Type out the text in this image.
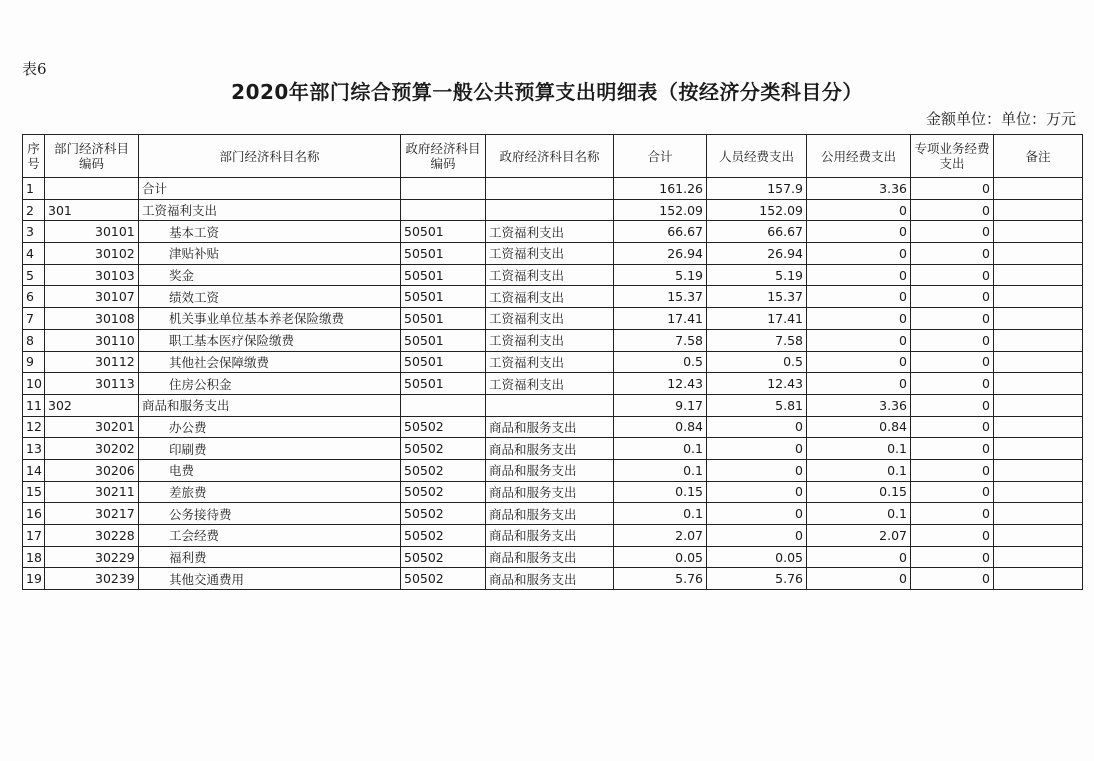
表6
2020年部门综合预算一般公共预算支出明细表（按经济分类科目分）
金额单位：单位：万元
序号	部门经济科目编码	部门经济科目名称	政府经济科目编码	政府经济科目名称	合计	人员经费支出	公用经费支出	专项业务经费支出	备注
1		合计			161.26	157.9	3.36	0	
2	301	工资福利支出			152.09	152.09	0	0	
3	30101	基本工资	50501	工资福利支出	66.67	66.67	0	0	
4	30102	津贴补贴	50501	工资福利支出	26.94	26.94	0	0	
5	30103	奖金	50501	工资福利支出	5.19	5.19	0	0	
6	30107	绩效工资	50501	工资福利支出	15.37	15.37	0	0	
7	30108	机关事业单位基本养老保险缴费	50501	工资福利支出	17.41	17.41	0	0	
8	30110	职工基本医疗保险缴费	50501	工资福利支出	7.58	7.58	0	0	
9	30112	其他社会保障缴费	50501	工资福利支出	0.5	0.5	0	0	
10	30113	住房公积金	50501	工资福利支出	12.43	12.43	0	0	
11	302	商品和服务支出			9.17	5.81	3.36	0	
12	30201	办公费	50502	商品和服务支出	0.84	0	0.84	0	
13	30202	印刷费	50502	商品和服务支出	0.1	0	0.1	0	
14	30206	电费	50502	商品和服务支出	0.1	0	0.1	0	
15	30211	差旅费	50502	商品和服务支出	0.15	0	0.15	0	
16	30217	公务接待费	50502	商品和服务支出	0.1	0	0.1	0	
17	30228	工会经费	50502	商品和服务支出	2.07	0	2.07	0	
18	30229	福利费	50502	商品和服务支出	0.05	0.05	0	0	
19	30239	其他交通费用	50502	商品和服务支出	5.76	5.76	0	0	
